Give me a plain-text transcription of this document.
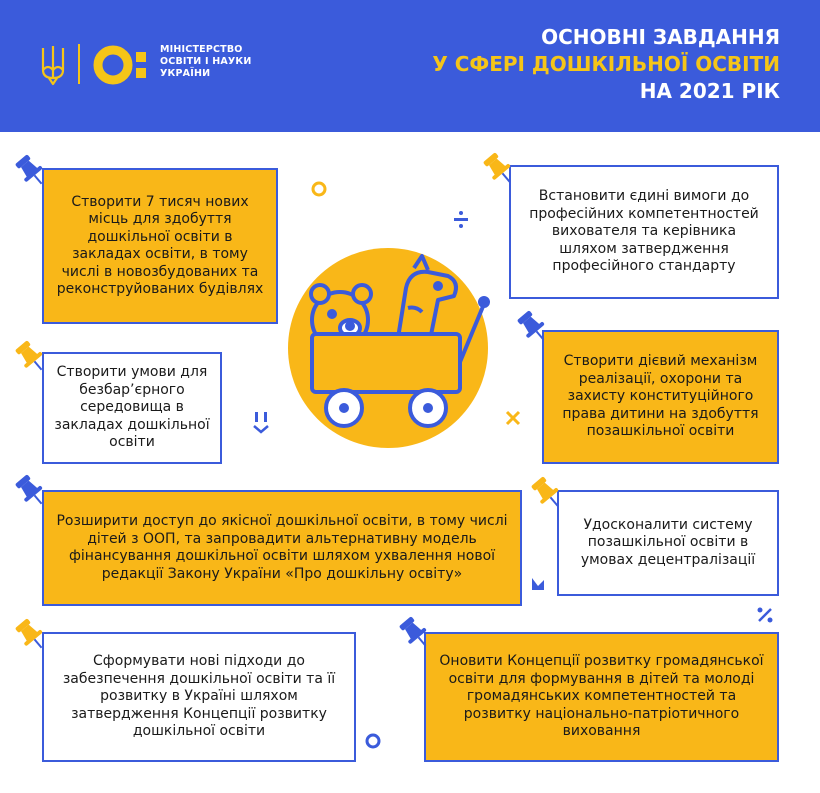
МІНІСТЕРСТВО
ОСВІТИ І НАУКИ
УКРАЇНИ
ОСНОВНІ ЗАВДАННЯ
У СФЕРІ ДОШКІЛЬНОЇ ОСВІТИ
НА 2021 РІК
Створити 7 тисяч нових місць для здобуття дошкільної освіти в закладах освіти, в тому числі в новозбудованих та реконструйованих будівлях
Встановити єдині вимоги до професійних компетентностей вихователя та керівника шляхом затвердження професійного стандарту
Створити умови для безбар’єрного середовища в закладах дошкільної освіти
Створити дієвий механізм реалізації, охорони та захисту конституційного права дитини на здобуття позашкільної освіти
Розширити доступ до якісної дошкільної освіти, в тому числі дітей з ООП, та запровадити альтернативну модель фінансування дошкільної освіти шляхом ухвалення нової редакції Закону України «Про дошкільну освіту»
Удосконалити систему позашкільної освіти в умовах децентралізації
Сформувати нові підходи до забезпечення дошкільної освіти та її розвитку в Україні шляхом затвердження Концепції розвитку дошкільної освіти
Оновити Концепції розвитку громадянської освіти для формування в дітей та молоді громадянських компетентностей та розвитку національно-патріотичного виховання
